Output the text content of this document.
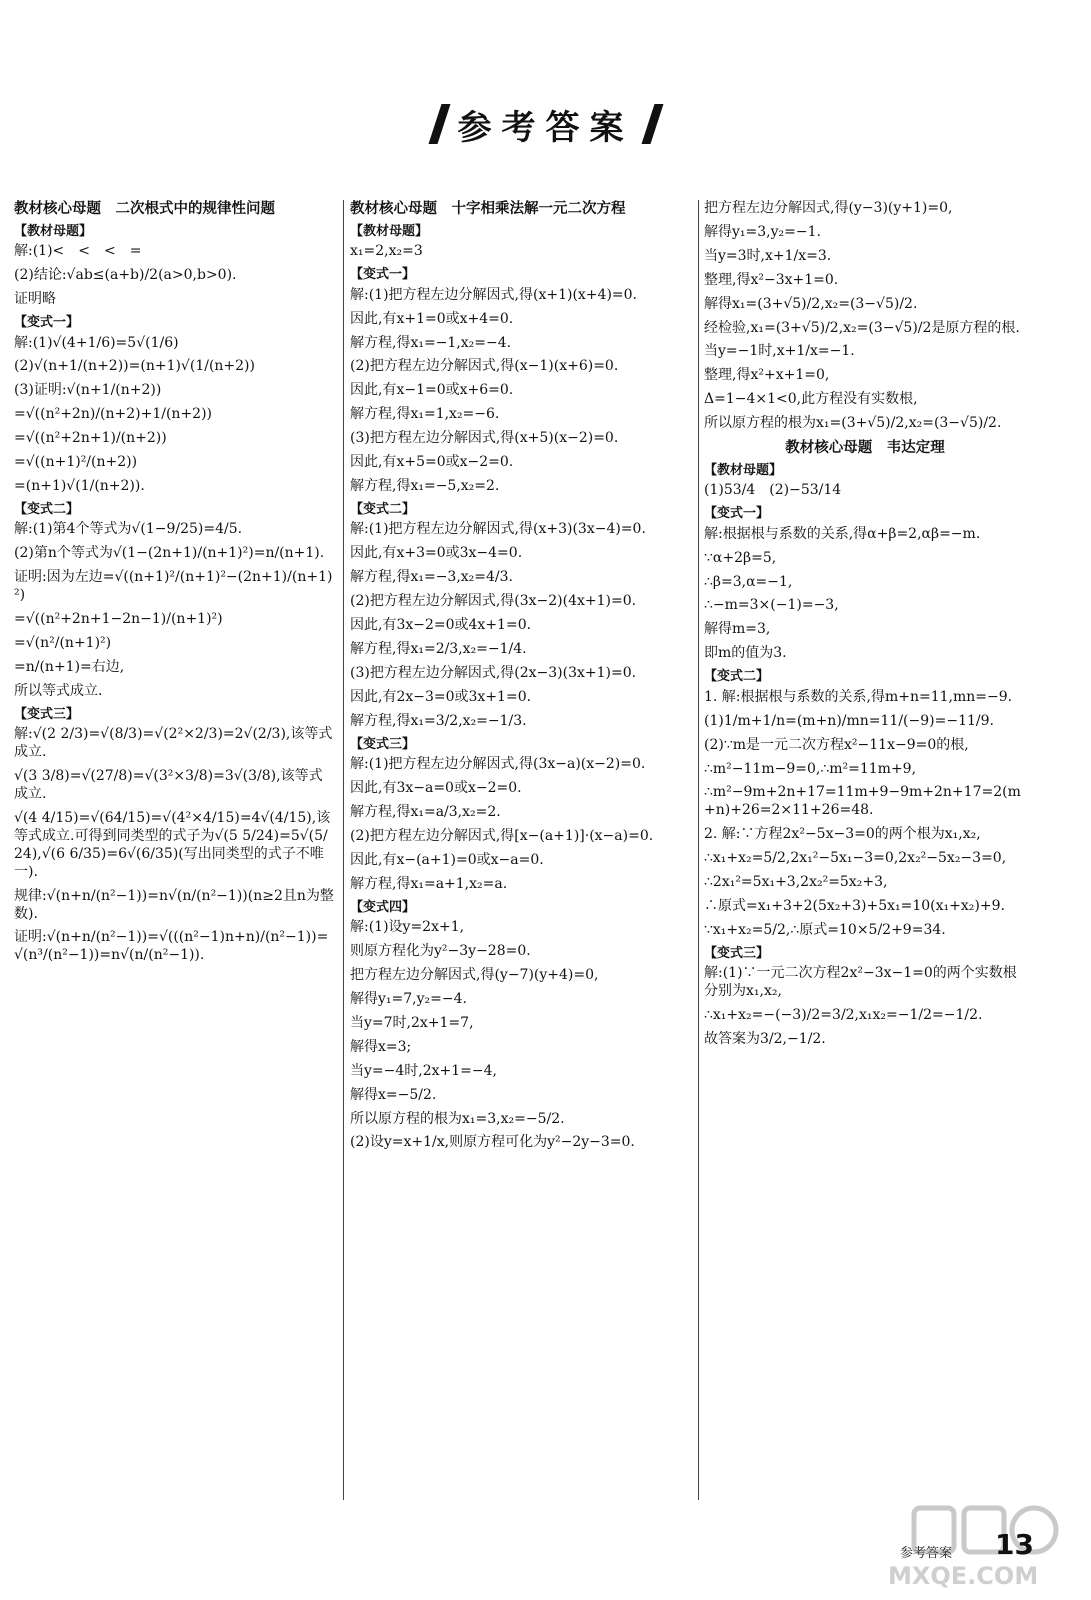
参考答案
教材核心母题　二次根式中的规律性问题
【教材母题】
解:(1)<　<　<　=
(2)结论:√ab≤(a+b)/2(a>0,b>0).
证明略
【变式一】
解:(1)√(4+1/6)=5√(1/6)
(2)√(n+1/(n+2))=(n+1)√(1/(n+2))
(3)证明:√(n+1/(n+2))
=√((n²+2n)/(n+2)+1/(n+2))
=√((n²+2n+1)/(n+2))
=√((n+1)²/(n+2))
=(n+1)√(1/(n+2)).
【变式二】
解:(1)第4个等式为√(1−9/25)=4/5.
(2)第n个等式为√(1−(2n+1)/(n+1)²)=n/(n+1).
证明:因为左边=√((n+1)²/(n+1)²−(2n+1)/(n+1)²)
=√((n²+2n+1−2n−1)/(n+1)²)
=√(n²/(n+1)²)
=n/(n+1)=右边,
所以等式成立.
【变式三】
解:√(2 2/3)=√(8/3)=√(2²×2/3)=2√(2/3),该等式成立.
√(3 3/8)=√(27/8)=√(3²×3/8)=3√(3/8),该等式成立.
√(4 4/15)=√(64/15)=√(4²×4/15)=4√(4/15),该等式成立.可得到同类型的式子为√(5 5/24)=5√(5/24),√(6 6/35)=6√(6/35)(写出同类型的式子不唯一).
规律:√(n+n/(n²−1))=n√(n/(n²−1))(n≥2且n为整数).
证明:√(n+n/(n²−1))=√(((n²−1)n+n)/(n²−1))=√(n³/(n²−1))=n√(n/(n²−1)).
教材核心母题　十字相乘法解一元二次方程
【教材母题】
x₁=2,x₂=3
【变式一】
解:(1)把方程左边分解因式,得(x+1)(x+4)=0.
因此,有x+1=0或x+4=0.
解方程,得x₁=−1,x₂=−4.
(2)把方程左边分解因式,得(x−1)(x+6)=0.
因此,有x−1=0或x+6=0.
解方程,得x₁=1,x₂=−6.
(3)把方程左边分解因式,得(x+5)(x−2)=0.
因此,有x+5=0或x−2=0.
解方程,得x₁=−5,x₂=2.
【变式二】
解:(1)把方程左边分解因式,得(x+3)(3x−4)=0.
因此,有x+3=0或3x−4=0.
解方程,得x₁=−3,x₂=4/3.
(2)把方程左边分解因式,得(3x−2)(4x+1)=0.
因此,有3x−2=0或4x+1=0.
解方程,得x₁=2/3,x₂=−1/4.
(3)把方程左边分解因式,得(2x−3)(3x+1)=0.
因此,有2x−3=0或3x+1=0.
解方程,得x₁=3/2,x₂=−1/3.
【变式三】
解:(1)把方程左边分解因式,得(3x−a)(x−2)=0.
因此,有3x−a=0或x−2=0.
解方程,得x₁=a/3,x₂=2.
(2)把方程左边分解因式,得[x−(a+1)]·(x−a)=0.
因此,有x−(a+1)=0或x−a=0.
解方程,得x₁=a+1,x₂=a.
【变式四】
解:(1)设y=2x+1,
则原方程化为y²−3y−28=0.
把方程左边分解因式,得(y−7)(y+4)=0,
解得y₁=7,y₂=−4.
当y=7时,2x+1=7,
解得x=3;
当y=−4时,2x+1=−4,
解得x=−5/2.
所以原方程的根为x₁=3,x₂=−5/2.
(2)设y=x+1/x,则原方程可化为y²−2y−3=0.
把方程左边分解因式,得(y−3)(y+1)=0,
解得y₁=3,y₂=−1.
当y=3时,x+1/x=3.
整理,得x²−3x+1=0.
解得x₁=(3+√5)/2,x₂=(3−√5)/2.
经检验,x₁=(3+√5)/2,x₂=(3−√5)/2是原方程的根.
当y=−1时,x+1/x=−1.
整理,得x²+x+1=0,
Δ=1−4×1<0,此方程没有实数根,
所以原方程的根为x₁=(3+√5)/2,x₂=(3−√5)/2.
教材核心母题　韦达定理
【教材母题】
(1)53/4　(2)−53/14
【变式一】
解:根据根与系数的关系,得α+β=2,αβ=−m.
∵α+2β=5,
∴β=3,α=−1,
∴−m=3×(−1)=−3,
解得m=3,
即m的值为3.
【变式二】
1. 解:根据根与系数的关系,得m+n=11,mn=−9.
(1)1/m+1/n=(m+n)/mn=11/(−9)=−11/9.
(2)∵m是一元二次方程x²−11x−9=0的根,
∴m²−11m−9=0,∴m²=11m+9,
∴m²−9m+2n+17=11m+9−9m+2n+17=2(m+n)+26=2×11+26=48.
2. 解:∵方程2x²−5x−3=0的两个根为x₁,x₂,
∴x₁+x₂=5/2,2x₁²−5x₁−3=0,2x₂²−5x₂−3=0,
∴2x₁²=5x₁+3,2x₂²=5x₂+3,
∴原式=x₁+3+2(5x₂+3)+5x₁=10(x₁+x₂)+9.
∵x₁+x₂=5/2,∴原式=10×5/2+9=34.
【变式三】
解:(1)∵一元二次方程2x²−3x−1=0的两个实数根分别为x₁,x₂,
∴x₁+x₂=−(−3)/2=3/2,x₁x₂=−1/2=−1/2.
故答案为3/2,−1/2.
MXQE.COM
参考答案 13
